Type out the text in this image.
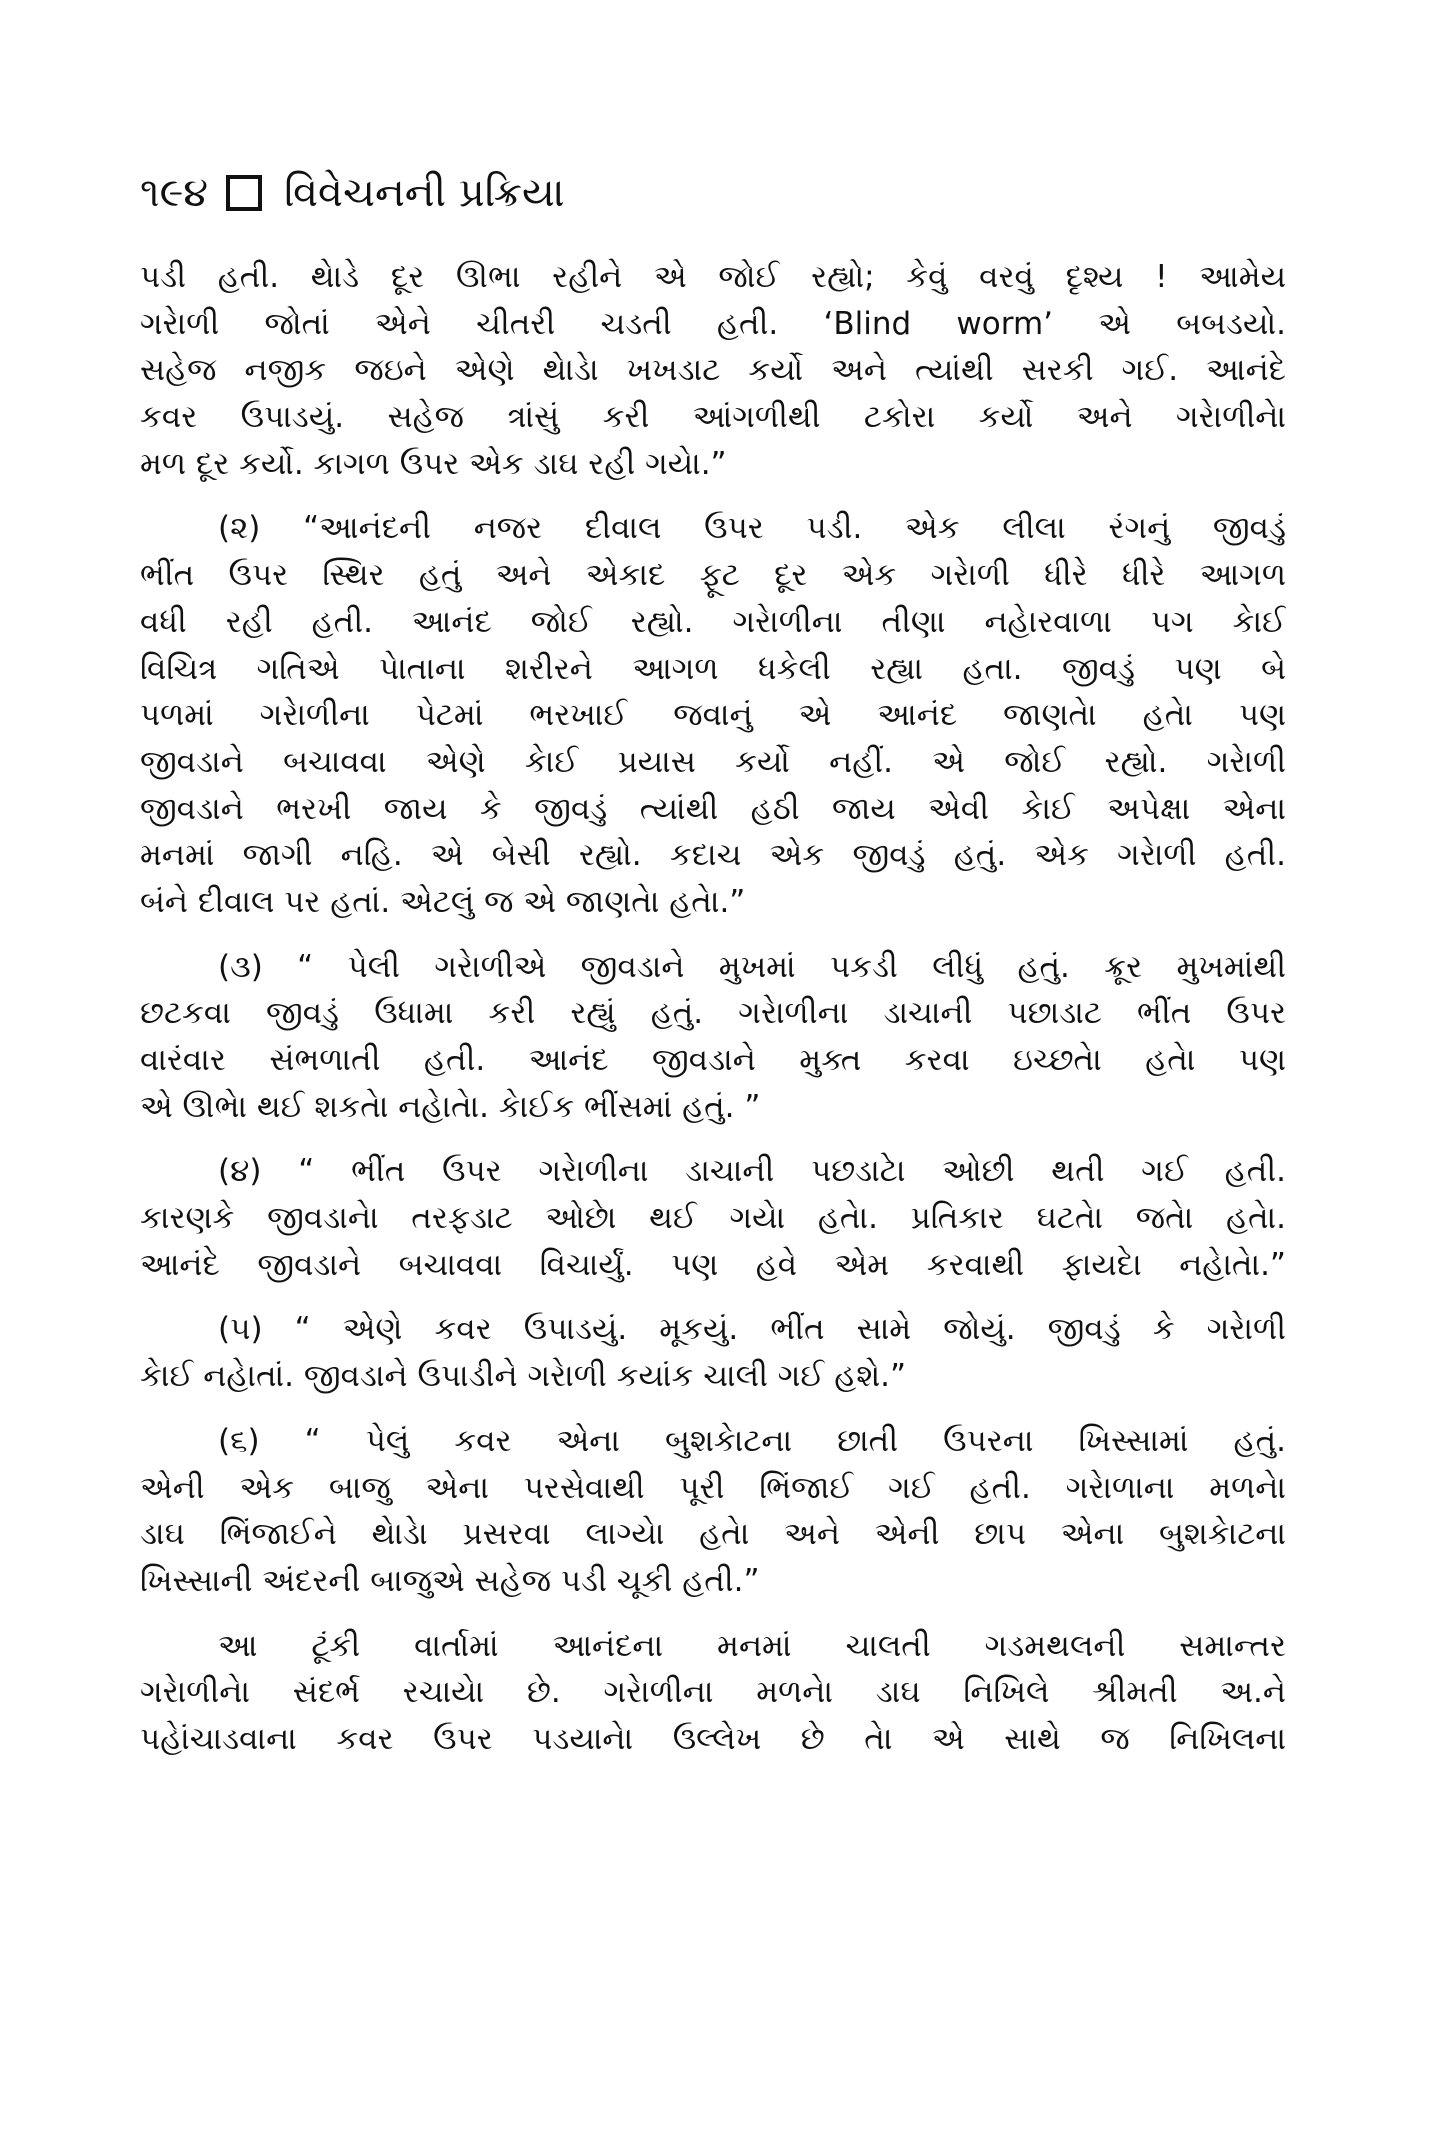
૧૯૪ વિવેચનની પ્રક્રિયા
પડી હતી. થેાડે દૂર ઊભા રહીને એ જોઈ રહ્યો; કેવું વરવું દૃશ્ય ! આમેય
ગરેાળી જોતાં એને ચીતરી ચડતી હતી. ‘Blind worm’ એ બબડયો.
સહેજ નજીક જઇને એણે થેાડેા ખખડાટ કર્યો અને ત્યાંથી સરકી ગઈ. આનંદે
કવર ઉપાડયું. સહેજ ત્રાંસું કરી આંગળીથી ટકોરા કર્યો અને ગરેાળીનેા
મળ દૂર કર્યો. કાગળ ઉપર એક ડાઘ રહી ગયેા.”
(૨) “આનંદની નજર દીવાલ ઉપર પડી. એક લીલા રંગનું જીવડું
ભીંત ઉપર સ્થિર હતું અને એકાદ ફૂટ દૂર એક ગરેાળી ધીરે ધીરે આગળ
વધી રહી હતી. આનંદ જોઈ રહ્યો. ગરેાળીના તીણા નહેારવાળા પગ કેાઈ
વિચિત્ર ગતિએ પેાતાના શરીરને આગળ ધકેલી રહ્યા હતા. જીવડું પણ બે
પળમાં ગરેાળીના પેટમાં ભરખાઈ જવાનું એ આનંદ જાણતેા હતેા પણ
જીવડાને બચાવવા એણે કેાઈ પ્રયાસ કર્યો નહીં. એ જોઈ રહ્યો. ગરેાળી
જીવડાને ભરખી જાય કે જીવડું ત્યાંથી હઠી જાય એવી કેાઈ અપેક્ષા એના
મનમાં જાગી નહિ. એ બેસી રહ્યો. કદાચ એક જીવડું હતું. એક ગરેાળી હતી.
બંને દીવાલ પર હતાં. એટલું જ એ જાણતેા હતેા.”
(૩) “ પેલી ગરેાળીએ જીવડાને મુખમાં પકડી લીધું હતું. ક્રૂર મુખમાંથી
છટકવા જીવડું ઉધામા કરી રહ્યું હતું. ગરેાળીના ડાચાની પછાડાટ ભીંત ઉપર
વારંવાર સંભળાતી હતી. આનંદ જીવડાને મુક્ત કરવા ઇચ્છતેા હતેા પણ
એ ઊભેા થઈ શકતેા નહેાતેા. કેાઈક ભીંસમાં હતું. ”
(૪) “ ભીંત ઉપર ગરેાળીના ડાચાની પછડાટેા ઓછી થતી ગઈ હતી.
કારણકે જીવડાનેા તરફડાટ ઓછેા થઈ ગયેા હતેા. પ્રતિકાર ઘટતેા જતેા હતેા.
આનંદે જીવડાને બચાવવા વિચાર્યું. પણ હવે એમ કરવાથી ફાયદેા નહેાતેા.”
(૫) “ એણે કવર ઉપાડયું. મૂકયું. ભીંત સામે જોયું. જીવડું કે ગરેાળી
કેાઈ નહેાતાં. જીવડાને ઉપાડીને ગરેાળી કયાંક ચાલી ગઈ હશે.”
(૬) “ પેલું કવર એના બુશકેાટના છાતી ઉપરના ખિસ્સામાં હતું.
એની એક બાજુ એના પરસેવાથી પૂરી ભિંજાઈ ગઈ હતી. ગરેાળાના મળનેા
ડાઘ ભિંજાઈને થેાડેા પ્રસરવા લાગ્યેા હતેા અને એની છાપ એના બુશકેાટના
ખિસ્સાની અંદરની બાજુએ સહેજ પડી ચૂકી હતી.”
આ ટૂંકી વાર્તામાં આનંદના મનમાં ચાલતી ગડમથલની સમાન્તર
ગરેાળીનેા સંદર્ભ રચાયેા છે. ગરેાળીના મળનેા ડાઘ નિખિલે શ્રીમતી અ.ને
પહેાંચાડવાના કવર ઉપર પડયાનેા ઉલ્લેખ છે તેા એ સાથે જ નિખિલના
